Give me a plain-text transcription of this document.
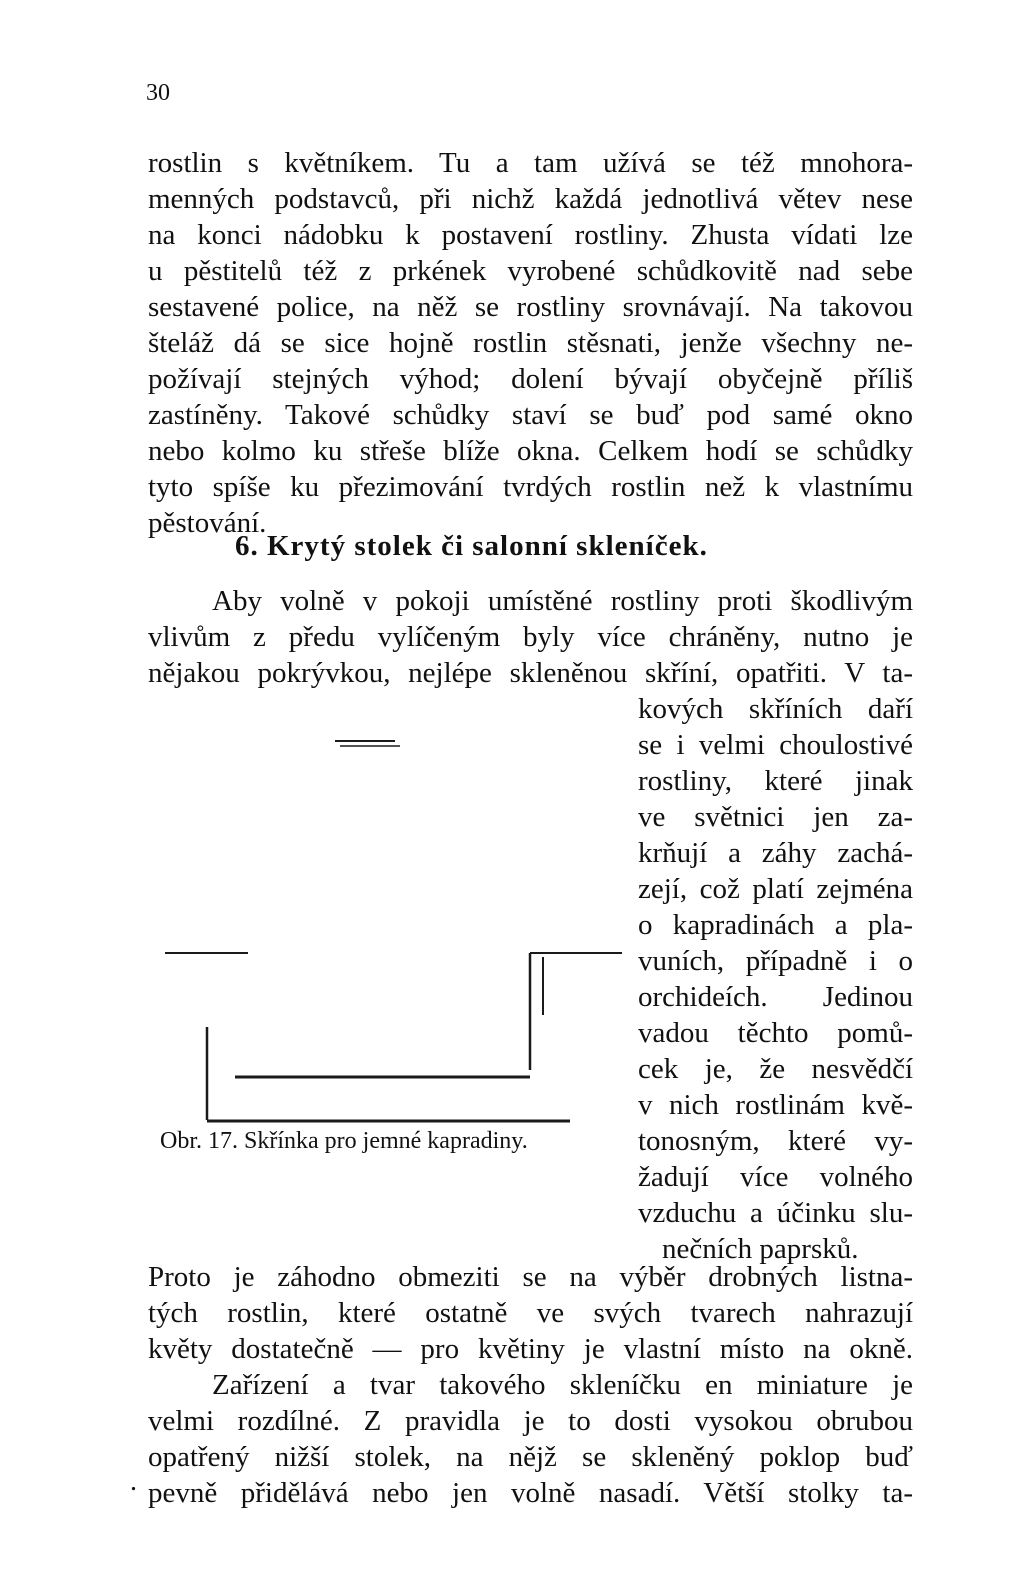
30
rostlin s květníkem. Tu a tam užívá se též mnohora-
menných podstavců, při nichž každá jednotlivá větev nese
na konci nádobku k postavení rostliny. Zhusta vídati lze
u pěstitelů též z prkének vyrobené schůdkovitě nad sebe
sestavené police, na něž se rostliny srovnávají. Na takovou
šteláž dá se sice hojně rostlin stěsnati, jenže všechny ne-
požívají stejných výhod; dolení bývají obyčejně příliš
zastíněny. Takové schůdky staví se buď pod samé okno
nebo kolmo ku střeše blíže okna. Celkem hodí se schůdky
tyto spíše ku přezimování tvrdých rostlin než k vlastnímu
pěstování.
6. Krytý stolek či salonní skleníček.
Aby volně v pokoji umístěné rostliny proti škodlivým
vlivům z předu vylíčeným byly více chráněny, nutno je
nějakou pokrývkou, nejlépe skleněnou skříní, opatřiti. V ta-
kových skříních daří
se i velmi choulostivé
rostliny, které jinak
ve světnici jen za-
krňují a záhy zachá-
zejí, což platí zejména
o kapradinách a pla-
vuních, případně i o
orchideích. Jedinou
vadou těchto pomů-
cek je, že nesvědčí
v nich rostlinám kvě-
tonosným, které vy-
žadují více volného
vzduchu a účinku slu-
nečních paprsků.
Obr. 17. Skřínka pro jemné kapradiny.
Proto je záhodno obmeziti se na výběr drobných listna-
tých rostlin, které ostatně ve svých tvarech nahrazují
květy dostatečně — pro květiny je vlastní místo na okně.
Zařízení a tvar takového skleníčku en miniature je
velmi rozdílné. Z pravidla je to dosti vysokou obrubou
opatřený nižší stolek, na nějž se skleněný poklop buď
pevně přidělává nebo jen volně nasadí. Větší stolky ta-
.
